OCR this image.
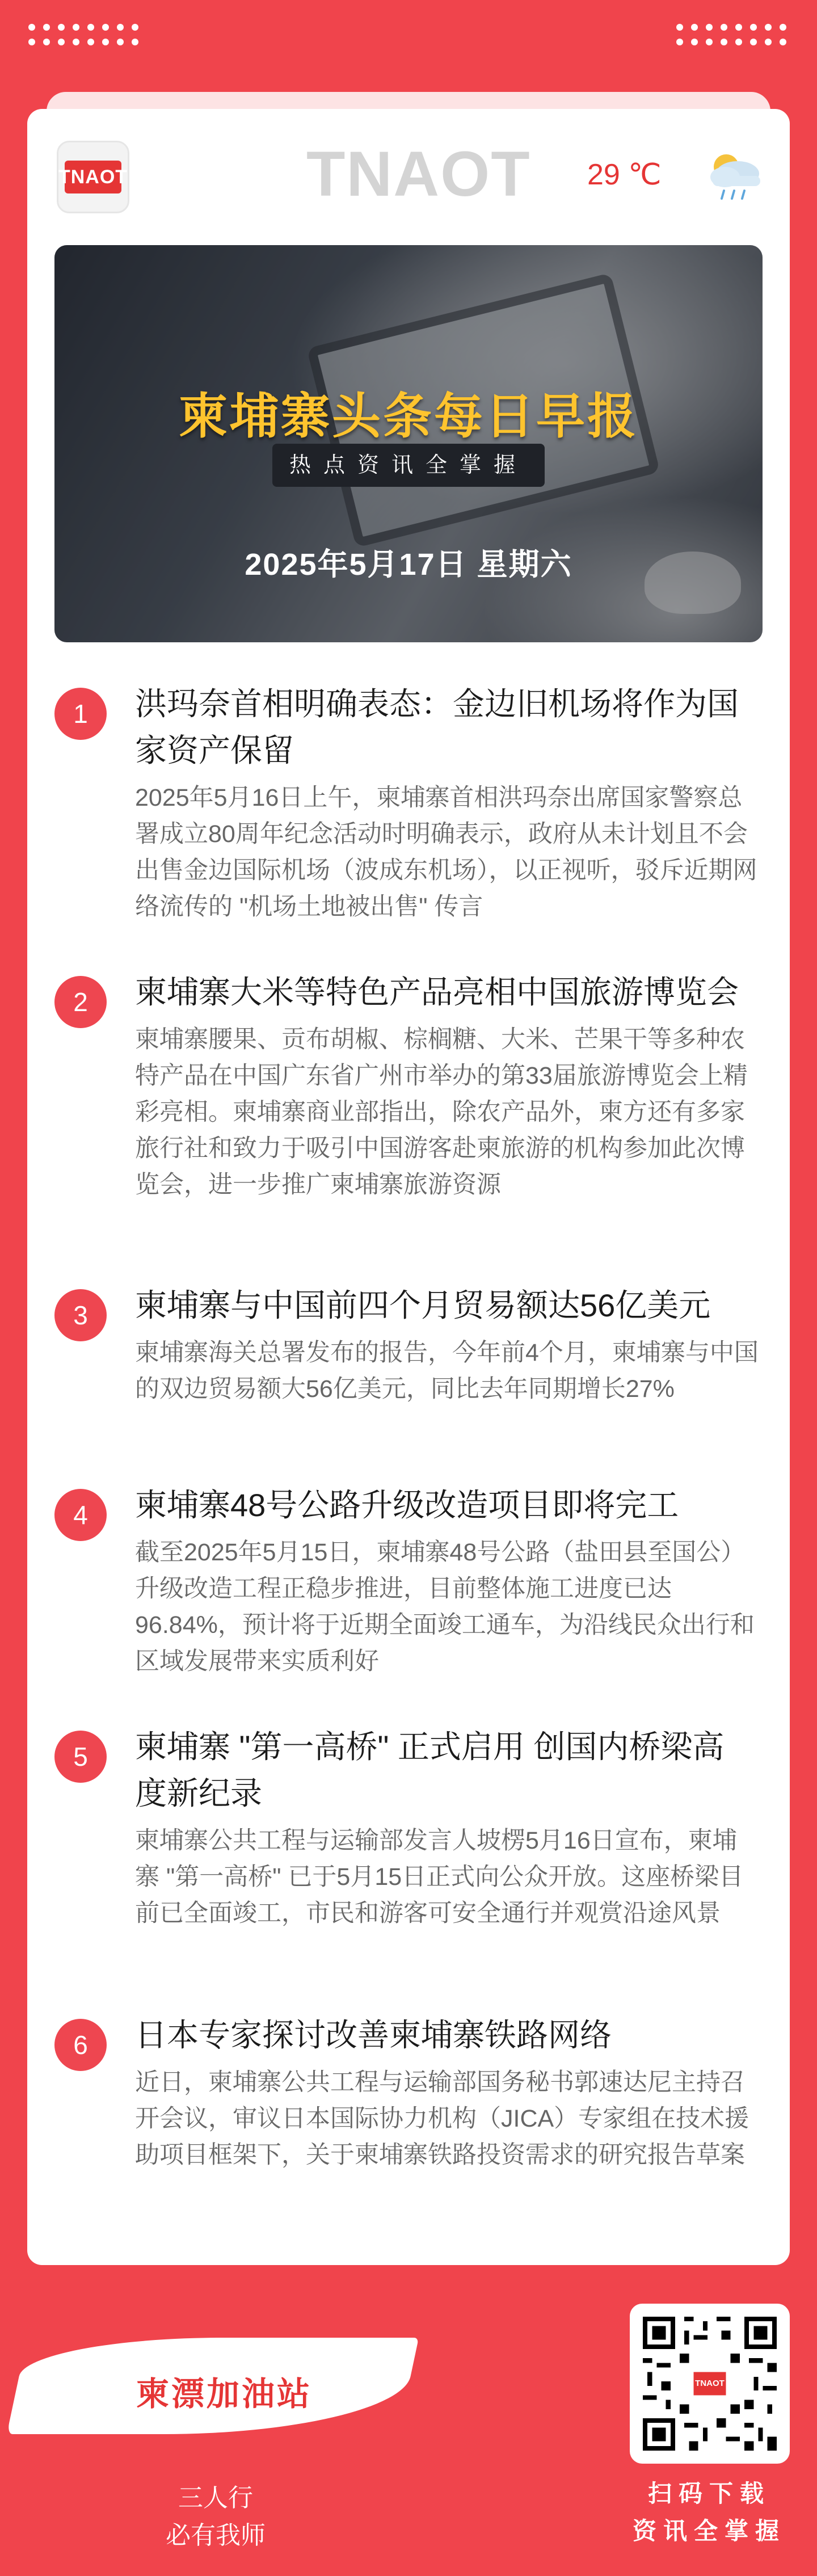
TNAOT	TNAOT 29 ℃
柬埔寨头条每日早报
热点资讯全掌握
2025年5月17日 星期六
1	洪玛奈首相明确表态：金边旧机场将作为国家资产保留
2025年5月16日上午，柬埔寨首相洪玛奈出席国家警察总署成立80周年纪念活动时明确表示，政府从未计划且不会出售金边国际机场（波成东机场），以正视听，驳斥近期网络流传的 "机场土地被出售" 传言
2	柬埔寨大米等特色产品亮相中国旅游博览会
柬埔寨腰果、贡布胡椒、棕榈糖、大米、芒果干等多种农特产品在中国广东省广州市举办的第33届旅游博览会上精彩亮相。柬埔寨商业部指出，除农产品外，柬方还有多家旅行社和致力于吸引中国游客赴柬旅游的机构参加此次博览会，进一步推广柬埔寨旅游资源
3	柬埔寨与中国前四个月贸易额达56亿美元
柬埔寨海关总署发布的报告，今年前4个月，柬埔寨与中国的双边贸易额大56亿美元，同比去年同期增长27%
4	柬埔寨48号公路升级改造项目即将完工
截至2025年5月15日，柬埔寨48号公路（盐田县至国公）升级改造工程正稳步推进，目前整体施工进度已达96.84%，预计将于近期全面竣工通车，为沿线民众出行和区域发展带来实质利好
5	柬埔寨 "第一高桥" 正式启用 创国内桥梁高度新纪录
柬埔寨公共工程与运输部发言人坡楞5月16日宣布，柬埔寨 "第一高桥" 已于5月15日正式向公众开放。这座桥梁目前已全面竣工，市民和游客可安全通行并观赏沿途风景
6	日本专家探讨改善柬埔寨铁路网络
近日，柬埔寨公共工程与运输部国务秘书郭速达尼主持召开会议，审议日本国际协力机构（JICA）专家组在技术援助项目框架下，关于柬埔寨铁路投资需求的研究报告草案
柬漂加油站
三人行
必有我师
TNAOT
扫码下载
资讯全掌握
